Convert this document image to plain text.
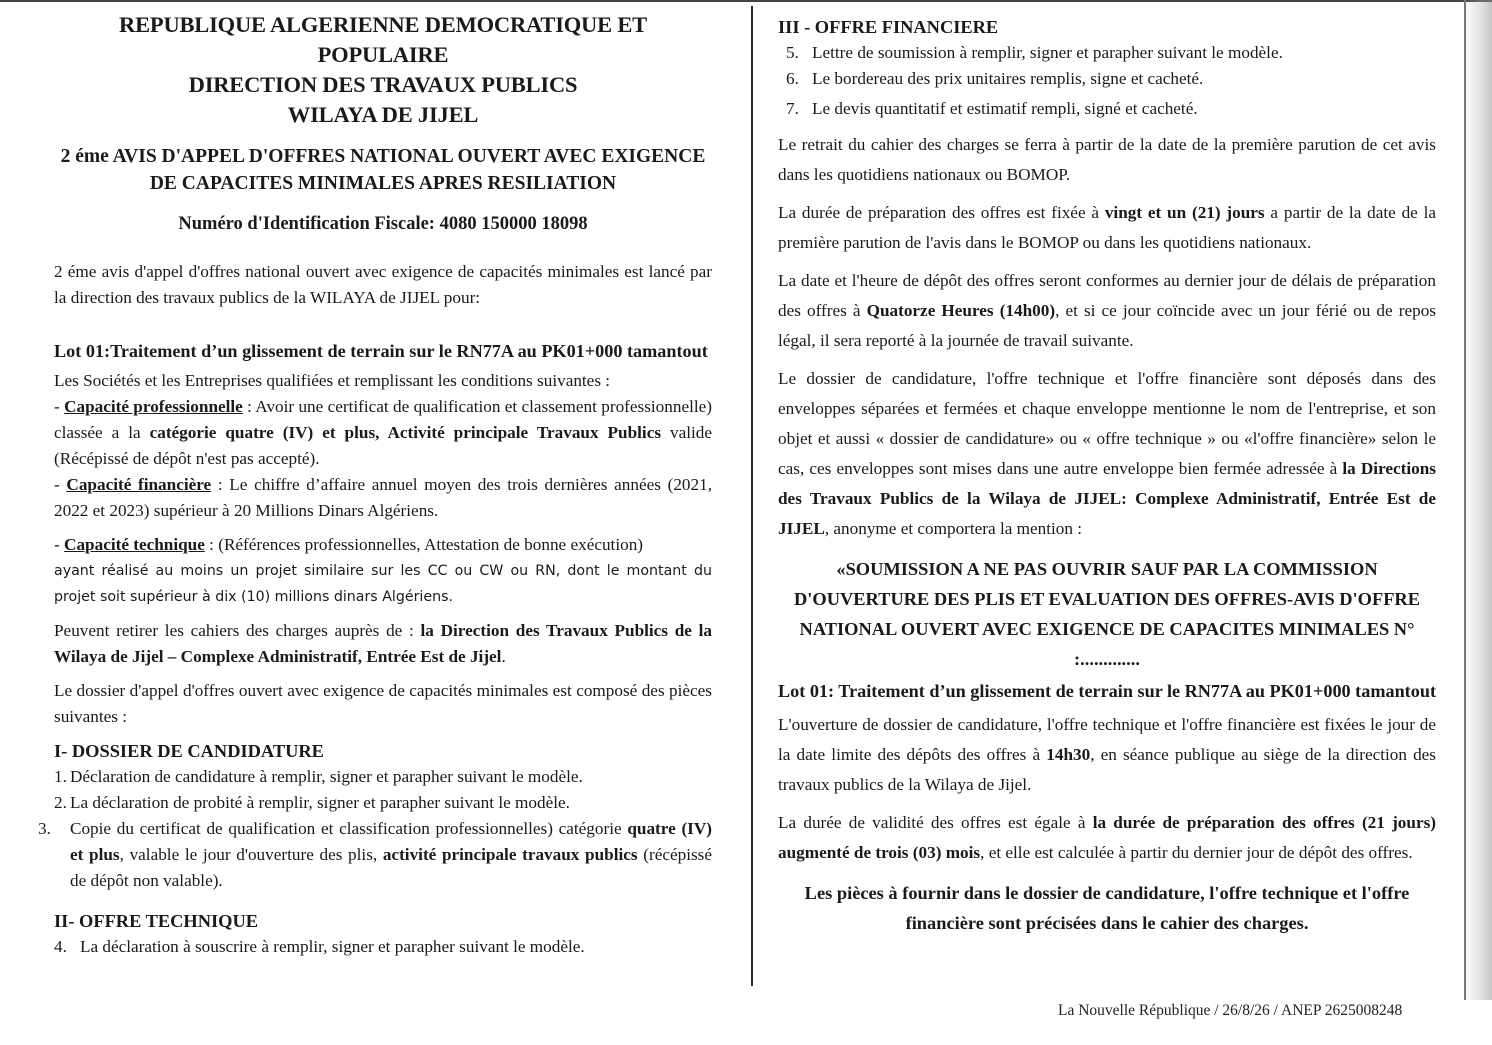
REPUBLIQUE ALGERIENNE DEMOCRATIQUE ET POPULAIRE
DIRECTION DES TRAVAUX PUBLICS
WILAYA DE JIJEL
2 éme AVIS D'APPEL D'OFFRES NATIONAL OUVERT AVEC EXIGENCE
DE CAPACITES MINIMALES APRES RESILIATION
Numéro d'Identification Fiscale: 4080 150000 18098

2 éme avis d'appel d'offres national ouvert avec exigence de capacités minimales est lancé par la direction des travaux publics de la WILAYA de JIJEL pour:

Lot 01:Traitement d’un glissement de terrain sur le RN77A au PK01+000 tamantout

Les Sociétés et les Entreprises qualifiées et remplissant les conditions suivantes :

- Capacité professionnelle : Avoir une certificat de qualification et classement professionnelle) classée a la catégorie quatre (IV) et plus, Activité principale Travaux Publics valide (Récépissé de dépôt n'est pas accepté).

- Capacité financière : Le chiffre d’affaire annuel moyen des trois dernières années (2021, 2022 et 2023) supérieur à 20 Millions Dinars Algériens.

- Capacité technique : (Références professionnelles, Attestation de bonne exécution)

ayant réalisé au moins un projet similaire sur les CC ou CW ou RN, dont le montant du projet soit supérieur à dix (10) millions dinars Algériens.

Peuvent retirer les cahiers des charges auprès de : la Direction des Travaux Publics de la Wilaya de Jijel – Complexe Administratif, Entrée Est de Jijel.

Le dossier d'appel d'offres ouvert avec exigence de capacités minimales est composé des pièces suivantes :

I- DOSSIER DE CANDIDATURE

1. Déclaration de candidature à remplir, signer et parapher suivant le modèle.
2. La déclaration de probité à remplir, signer et parapher suivant le modèle.
3. Copie du certificat de qualification et classification professionnelles) catégorie quatre (IV) et plus, valable le jour d'ouverture des plis, activité principale travaux publics (récépissé de dépôt non valable).

II- OFFRE TECHNIQUE

4. La déclaration à souscrire à remplir, signer et parapher suivant le modèle.

III - OFFRE FINANCIERE

5. Lettre de soumission à remplir, signer et parapher suivant le modèle.
6. Le bordereau des prix unitaires remplis, signe et cacheté.
7. Le devis quantitatif et estimatif rempli, signé et cacheté.

Le retrait du cahier des charges se ferra à partir de la date de la première parution de cet avis dans les quotidiens nationaux ou BOMOP.

La durée de préparation des offres est fixée à vingt et un (21) jours a partir de la date de la première parution de l'avis dans le BOMOP ou dans les quotidiens nationaux.

La date et l'heure de dépôt des offres seront conformes au dernier jour de délais de préparation des offres à Quatorze Heures (14h00), et si ce jour coïncide avec un jour férié ou de repos légal, il sera reporté à la journée de travail suivante.

Le dossier de candidature, l'offre technique et l'offre financière sont déposés dans des enveloppes séparées et fermées et chaque enveloppe mentionne le nom de l'entreprise, et son objet et aussi « dossier de candidature» ou « offre technique » ou «l'offre financière» selon le cas, ces enveloppes sont mises dans une autre enveloppe bien fermée adressée à la Directions des Travaux Publics de la Wilaya de JIJEL: Complexe Administratif, Entrée Est de JIJEL, anonyme et comportera la mention :

«SOUMISSION A NE PAS OUVRIR SAUF PAR LA COMMISSION
D'OUVERTURE DES PLIS ET EVALUATION DES OFFRES-AVIS D'OFFRE
NATIONAL OUVERT AVEC EXIGENCE DE CAPACITES MINIMALES N°
:.............

Lot 01: Traitement d’un glissement de terrain sur le RN77A au PK01+000 tamantout

L'ouverture de dossier de candidature, l'offre technique et l'offre financière est fixées le jour de la date limite des dépôts des offres à 14h30, en séance publique au siège de la direction des travaux publics de la Wilaya de Jijel.

La durée de validité des offres est égale à la durée de préparation des offres (21 jours) augmenté de trois (03) mois, et elle est calculée à partir du dernier jour de dépôt des offres.

Les pièces à fournir dans le dossier de candidature, l'offre technique et l'offre
financière sont précisées dans le cahier des charges.
La Nouvelle République / 26/8/26 / ANEP 2625008248
